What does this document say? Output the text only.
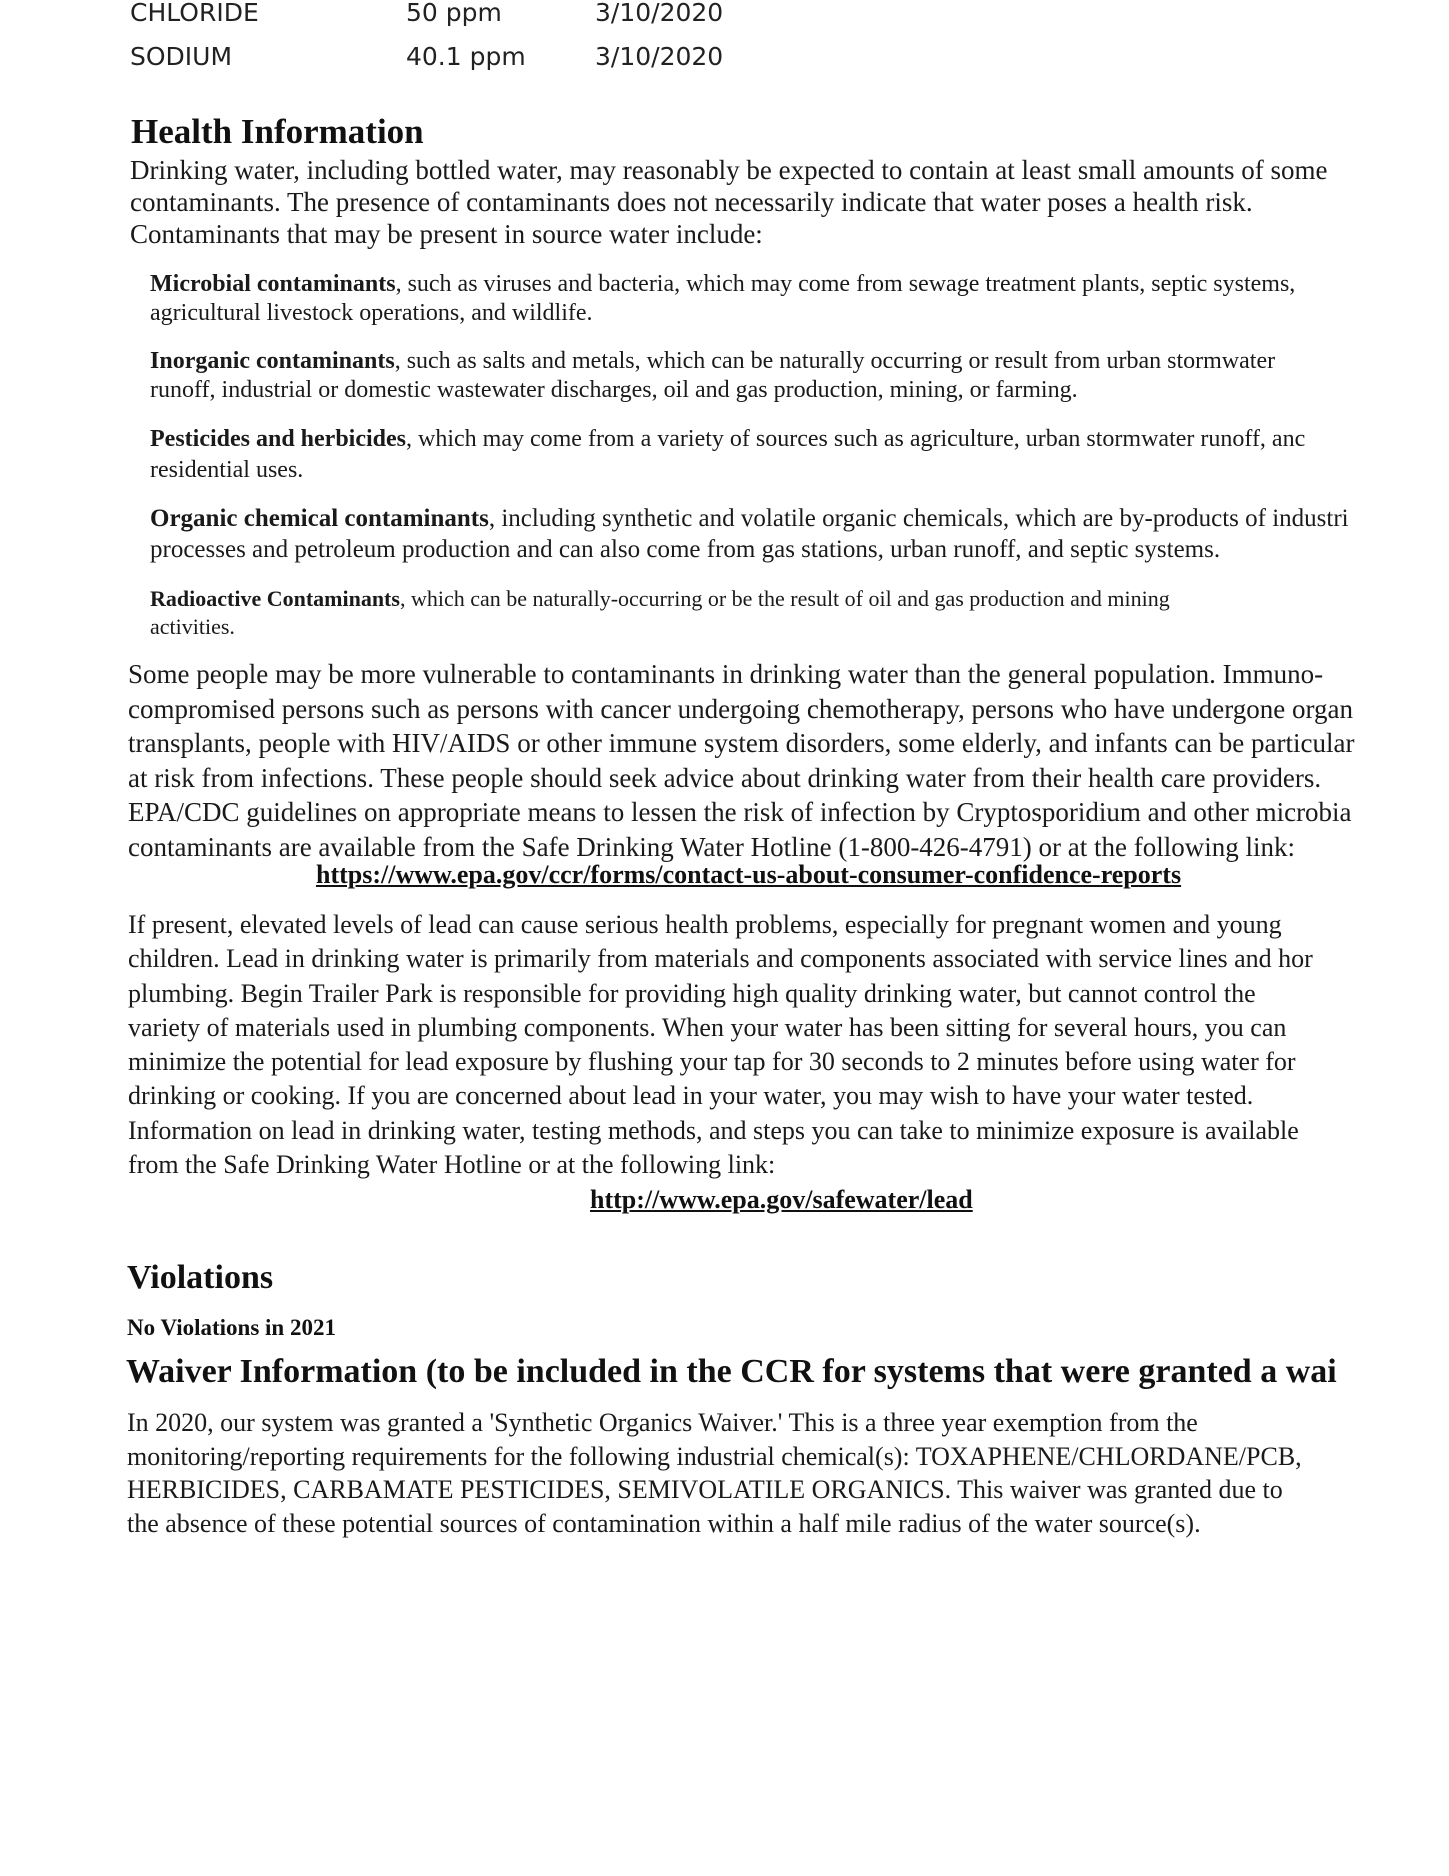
CHLORIDE	50 ppm	3/10/2020
SODIUM	40.1 ppm	3/10/2020
Health Information
Drinking water, including bottled water, may reasonably be expected to contain at least small amounts of some
contaminants. The presence of contaminants does not necessarily indicate that water poses a health risk.
Contaminants that may be present in source water include:
Microbial contaminants, such as viruses and bacteria, which may come from sewage treatment plants, septic systems,
agricultural livestock operations, and wildlife.
Inorganic contaminants, such as salts and metals, which can be naturally occurring or result from urban stormwater
runoff, industrial or domestic wastewater discharges, oil and gas production, mining, or farming.
Pesticides and herbicides, which may come from a variety of sources such as agriculture, urban stormwater runoff, anc
residential uses.
Organic chemical contaminants, including synthetic and volatile organic chemicals, which are by-products of industri
processes and petroleum production and can also come from gas stations, urban runoff, and septic systems.
Radioactive Contaminants, which can be naturally-occurring or be the result of oil and gas production and mining
activities.
Some people may be more vulnerable to contaminants in drinking water than the general population. Immuno-
compromised persons such as persons with cancer undergoing chemotherapy, persons who have undergone organ
transplants, people with HIV/AIDS or other immune system disorders, some elderly, and infants can be particular
at risk from infections. These people should seek advice about drinking water from their health care providers.
EPA/CDC guidelines on appropriate means to lessen the risk of infection by Cryptosporidium and other microbia
contaminants are available from the Safe Drinking Water Hotline (1-800-426-4791) or at the following link:
https://www.epa.gov/ccr/forms/contact-us-about-consumer-confidence-reports
If present, elevated levels of lead can cause serious health problems, especially for pregnant women and young
children. Lead in drinking water is primarily from materials and components associated with service lines and hor
plumbing. Begin Trailer Park is responsible for providing high quality drinking water, but cannot control the
variety of materials used in plumbing components. When your water has been sitting for several hours, you can
minimize the potential for lead exposure by flushing your tap for 30 seconds to 2 minutes before using water for
drinking or cooking. If you are concerned about lead in your water, you may wish to have your water tested.
Information on lead in drinking water, testing methods, and steps you can take to minimize exposure is available
from the Safe Drinking Water Hotline or at the following link:
http://www.epa.gov/safewater/lead
Violations
No Violations in 2021
Waiver Information (to be included in the CCR for systems that were granted a wai
In 2020, our system was granted a 'Synthetic Organics Waiver.' This is a three year exemption from the
monitoring/reporting requirements for the following industrial chemical(s): TOXAPHENE/CHLORDANE/PCB,
HERBICIDES, CARBAMATE PESTICIDES, SEMIVOLATILE ORGANICS. This waiver was granted due to
the absence of these potential sources of contamination within a half mile radius of the water source(s).
